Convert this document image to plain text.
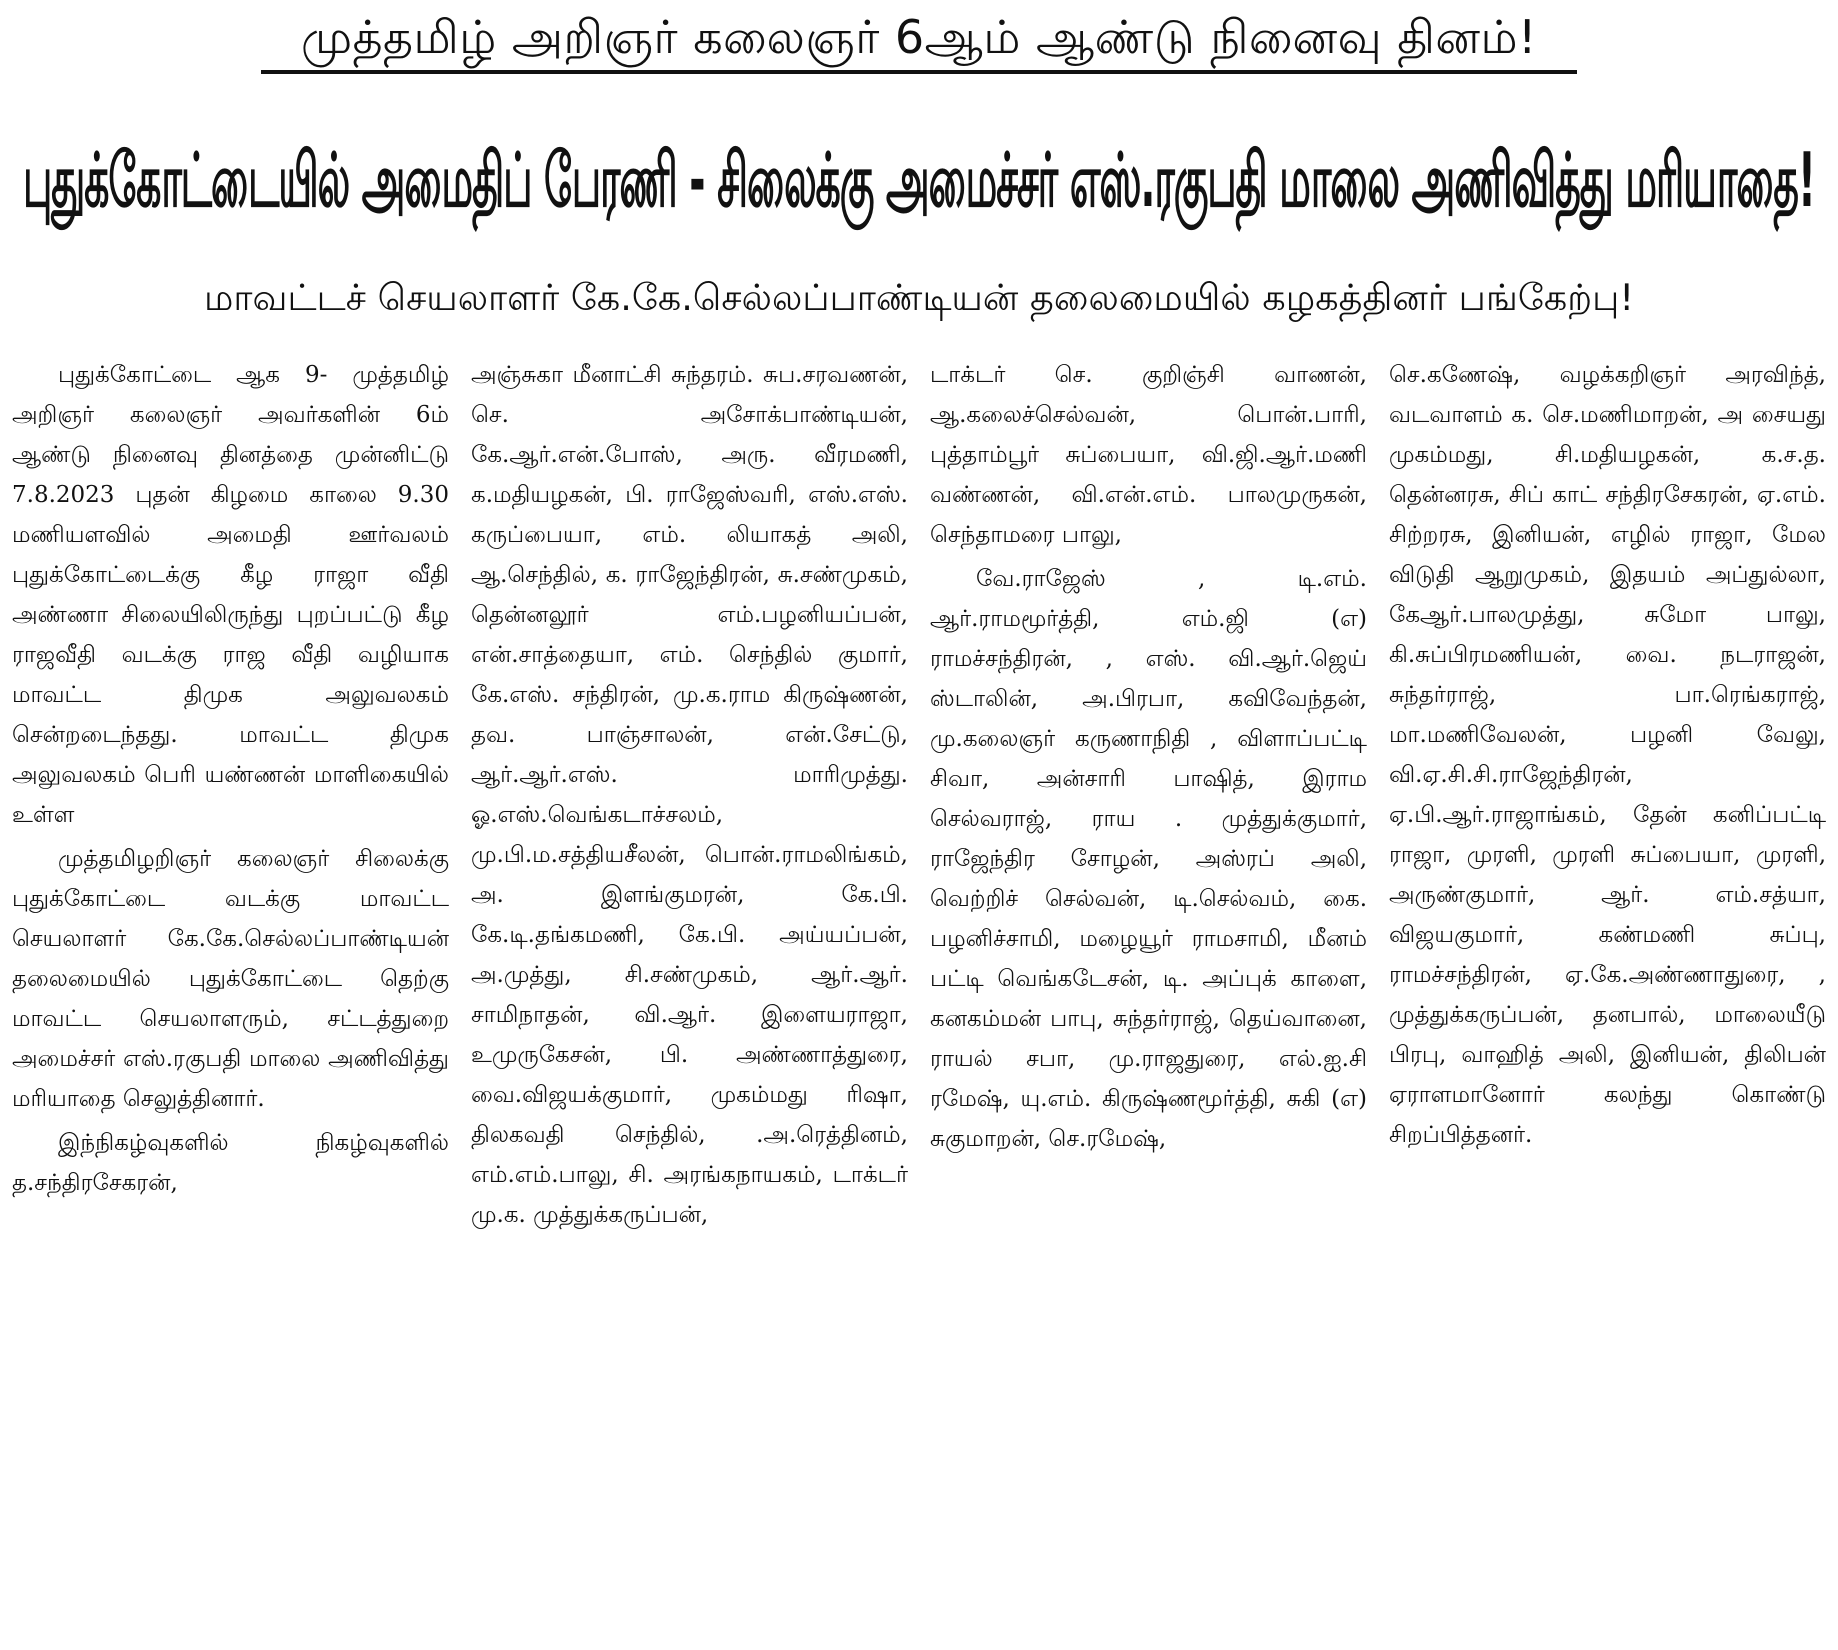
முத்தமிழ் அறிஞர் கலைஞர் 6ஆம் ஆண்டு நினைவு தினம்!
புதுக்கோட்டையில் அமைதிப் பேரணி - சிலைக்கு அமைச்சர் எஸ்.ரகுபதி மாலை அணிவித்து மரியாதை!
மாவட்டச் செயலாளர் கே.கே.செல்லப்பாண்டியன் தலைமையில் கழகத்தினர் பங்கேற்பு!

புதுக்கோட்டை ஆக 9- முத்தமிழ் அறிஞர் கலைஞர் அவர்களின் 6ம் ஆண்டு நினைவு தினத்தை முன்னிட்டு 7.8.2023 புதன் கிழமை காலை 9.30 மணியளவில் அமைதி ஊர்வலம் புதுக்கோட்டைக்கு கீழ ராஜா வீதி அண்ணா சிலையிலிருந்து புறப்பட்டு கீழ ராஜவீதி வடக்கு ராஜ வீதி வழியாக மாவட்ட திமுக அலுவலகம் சென்றடைந்தது. மாவட்ட திமுக அலுவலகம் பெரி யண்ணன் மாளிகையில் உள்ள

முத்தமிழறிஞர் கலைஞர் சிலைக்கு புதுக்கோட்டை வடக்கு மாவட்ட செயலாளர் கே.கே.செல்லப்பாண்டியன் தலைமையில் புதுக்கோட்டை தெற்கு மாவட்ட செயலாளரும், சட்டத்துறை அமைச்சர் எஸ்.ரகுபதி மாலை அணிவித்து மரியாதை செலுத்தினார்.

இந்நிகழ்வுகளில் நிகழ்வுகளில் த.சந்திரசேகரன்,

அஞ்சுகா மீனாட்சி சுந்தரம். சுப.சரவணன், செ. அசோக்பாண்டியன், கே.ஆர்.என்.போஸ், அரு. வீரமணி, க.மதியழகன், பி. ராஜேஸ்வரி, எஸ்.எஸ். கருப்பையா, எம். லியாகத் அலி, ஆ.செந்தில், க. ராஜேந்திரன், சு.சண்முகம், தென்னலூர் எம்.பழனியப்பன், என்.சாத்தையா, எம். செந்தில் குமார், கே.எஸ். சந்திரன், மு.க.ராம கிருஷ்ணன், தவ. பாஞ்சாலன், என்.சேட்டு, ஆர்.ஆர்.எஸ். மாரிமுத்து. ஓ.எஸ்.வெங்கடாச்சலம், மு.பி.ம.சத்தியசீலன், பொன்.ராமலிங்கம், அ. இளங்குமரன், கே.பி. கே.டி.தங்கமணி, கே.பி. அய்யப்பன், அ.முத்து, சி.சண்முகம், ஆர்.ஆர். சாமிநாதன், வி.ஆர். இளையராஜா, உமுருகேசன், பி. அண்ணாத்துரை, வை.விஜயக்குமார், முகம்மது ரிஷா, திலகவதி செந்தில், .அ.ரெத்தினம், எம்.எம்.பாலு, சி. அரங்கநாயகம், டாக்டர் மு.க. முத்துக்கருப்பன்,

டாக்டர் செ. குறிஞ்சி வாணன், ஆ.கலைச்செல்வன், பொன்.பாரி, புத்தாம்பூர் சுப்பையா, வி.ஜி.ஆர்.மணி வண்ணன், வி.என்.எம். பாலமுருகன், செந்தாமரை பாலு,

வே.ராஜேஸ் , டி.எம். ஆர்.ராமமூர்த்தி, எம்.ஜி (எ) ராமச்சந்திரன், , எஸ். வி.ஆர்.ஜெய் ஸ்டாலின், அ.பிரபா, கவிவேந்தன், மு.கலைஞர் கருணாநிதி , விளாப்பட்டி சிவா, அன்சாரி பாஷித், இராம செல்வராஜ், ராய . முத்துக்குமார், ராஜேந்திர சோழன், அஸ்ரப் அலி, வெற்றிச் செல்வன், டி.செல்வம், கை. பழனிச்சாமி, மழையூர் ராமசாமி, மீனம் பட்டி வெங்கடேசன், டி. அப்புக் காளை, கனகம்மன் பாபு, சுந்தர்ராஜ், தெய்வானை, ராயல் சபா, மு.ராஜதுரை, எல்.ஐ.சி ரமேஷ், யு.எம். கிருஷ்ணமூர்த்தி, சுகி (எ) சுகுமாறன், செ.ரமேஷ்,

செ.கணேஷ், வழக்கறிஞர் அரவிந்த், வடவாளம் க. செ.மணிமாறன், அ சையது முகம்மது, சி.மதியழகன், க.ச.த. தென்னரசு, சிப் காட் சந்திரசேகரன், ஏ.எம். சிற்றரசு, இனியன், எழில் ராஜா, மேல விடுதி ஆறுமுகம், இதயம் அப்துல்லா, கேஆர்.பாலமுத்து, சுமோ பாலு, கி.சுப்பிரமணியன், வை. நடராஜன், சுந்தர்ராஜ், பா.ரெங்கராஜ், மா.மணிவேலன், பழனி வேலு, வி.ஏ.சி.சி.ராஜேந்திரன், ஏ.பி.ஆர்.ராஜாங்கம், தேன் கனிப்பட்டி ராஜா, முரளி, முரளி சுப்பையா, முரளி, அருண்குமார், ஆர். எம்.சத்யா, விஜயகுமார், கண்மணி சுப்பு, ராமச்சந்திரன், ஏ.கே.அண்ணாதுரை, , முத்துக்கருப்பன், தனபால், மாலையீடு பிரபு, வாஹித் அலி, இனியன், திலிபன் ஏராளமானோர் கலந்து கொண்டு சிறப்பித்தனர்.
